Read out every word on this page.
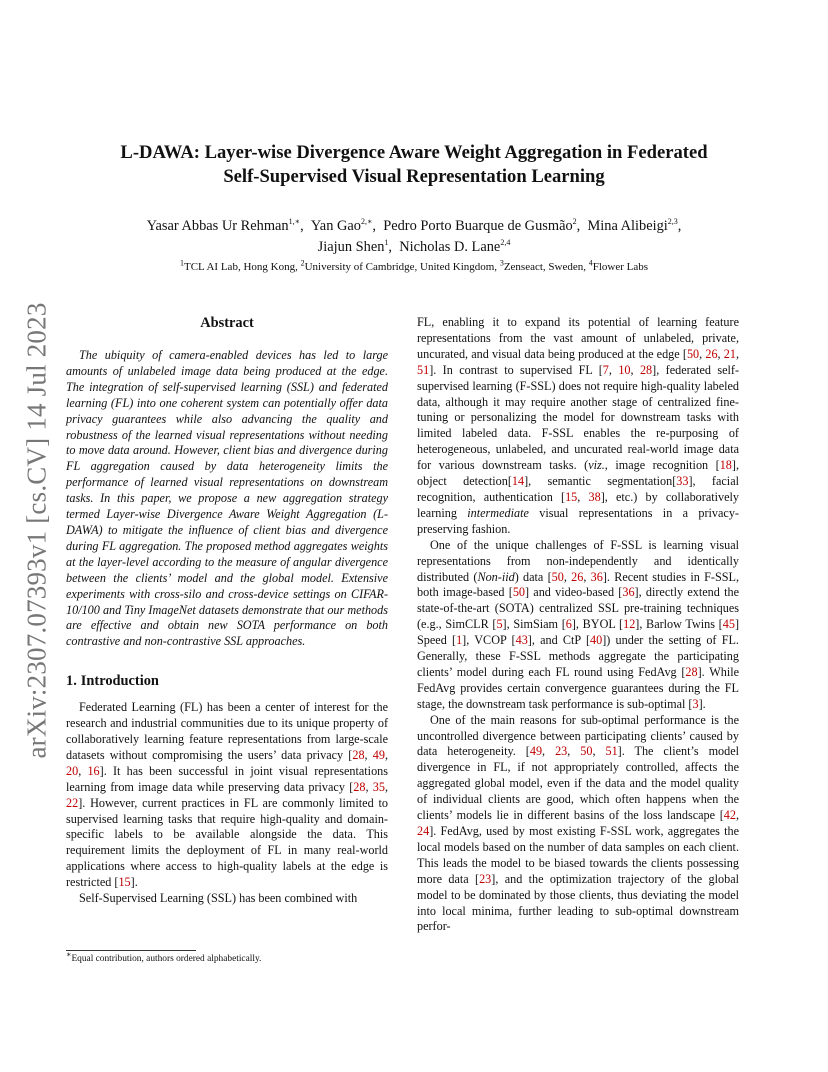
arXiv:2307.07393v1 [cs.CV] 14 Jul 2023
L-DAWA: Layer-wise Divergence Aware Weight Aggregation in Federated
Self-Supervised Visual Representation Learning
Yasar Abbas Ur Rehman$^{1,∗}$,  Yan Gao$^{2,∗}$,  Pedro Porto Buarque de Gusmão$^2$,  Mina Alibeigi$^{2,3}$,
Jiajun Shen$^1$,  Nicholas D. Lane$^{2,4}$
$^1$TCL AI Lab, Hong Kong, $^2$University of Cambridge, United Kingdom, $^3$Zenseact, Sweden, $^4$Flower Labs
Abstract

The ubiquity of camera-enabled devices has led to large amounts of unlabeled image data being produced at the edge. The integration of self-supervised learning (SSL) and federated learning (FL) into one coherent system can potentially offer data privacy guarantees while also advancing the quality and robustness of the learned visual representations without needing to move data around. However, client bias and divergence during FL aggregation caused by data heterogeneity limits the performance of learned visual representations on downstream tasks. In this paper, we propose a new aggregation strategy termed Layer-wise Divergence Aware Weight Aggregation (L-DAWA) to mitigate the influence of client bias and divergence during FL aggregation. The proposed method aggregates weights at the layer-level according to the measure of angular divergence between the clients’ model and the global model. Extensive experiments with cross-silo and cross-device settings on CIFAR-10/100 and Tiny ImageNet datasets demonstrate that our methods are effective and obtain new SOTA performance on both contrastive and non-contrastive SSL approaches.

1. Introduction

Federated Learning (FL) has been a center of interest for the research and industrial communities due to its unique property of collaboratively learning feature representations from large-scale datasets without compromising the users’ data privacy [28, 49, 20, 16]. It has been successful in joint visual representations learning from image data while preserving data privacy [28, 35, 22]. However, current practices in FL are commonly limited to supervised learning tasks that require high-quality and domain-specific labels to be available alongside the data. This requirement limits the deployment of FL in many real-world applications where access to high-quality labels at the edge is restricted [15].

Self-Supervised Learning (SSL) has been combined with

∗Equal contribution, authors ordered alphabetically.

FL, enabling it to expand its potential of learning feature representations from the vast amount of unlabeled, private, uncurated, and visual data being produced at the edge [50, 26, 21, 51]. In contrast to supervised FL [7, 10, 28], federated self-supervised learning (F-SSL) does not require high-quality labeled data, although it may require another stage of centralized fine-tuning or personalizing the model for downstream tasks with limited labeled data. F-SSL enables the re-purposing of heterogeneous, unlabeled, and uncurated real-world image data for various downstream tasks. (viz., image recognition [18], object detection[14], semantic segmentation[33], facial recognition, authentication [15, 38], etc.) by collaboratively learning intermediate visual representations in a privacy-preserving fashion.

One of the unique challenges of F-SSL is learning visual representations from non-independently and identically distributed (Non-iid) data [50, 26, 36]. Recent studies in F-SSL, both image-based [50] and video-based [36], directly extend the state-of-the-art (SOTA) centralized SSL pre-training techniques (e.g., SimCLR [5], SimSiam [6], BYOL [12], Barlow Twins [45] Speed [1], VCOP [43], and CtP [40]) under the setting of FL. Generally, these F-SSL methods aggregate the participating clients’ model during each FL round using FedAvg [28]. While FedAvg provides certain convergence guarantees during the FL stage, the downstream task performance is sub-optimal [3].

One of the main reasons for sub-optimal performance is the uncontrolled divergence between participating clients’ caused by data heterogeneity. [49, 23, 50, 51]. The client’s model divergence in FL, if not appropriately controlled, affects the aggregated global model, even if the data and the model quality of individual clients are good, which often happens when the clients’ models lie in different basins of the loss landscape [42, 24]. FedAvg, used by most existing F-SSL work, aggregates the local models based on the number of data samples on each client. This leads the model to be biased towards the clients possessing more data [23], and the optimization trajectory of the global model to be dominated by those clients, thus deviating the model into local minima, further leading to sub-optimal downstream perfor-
